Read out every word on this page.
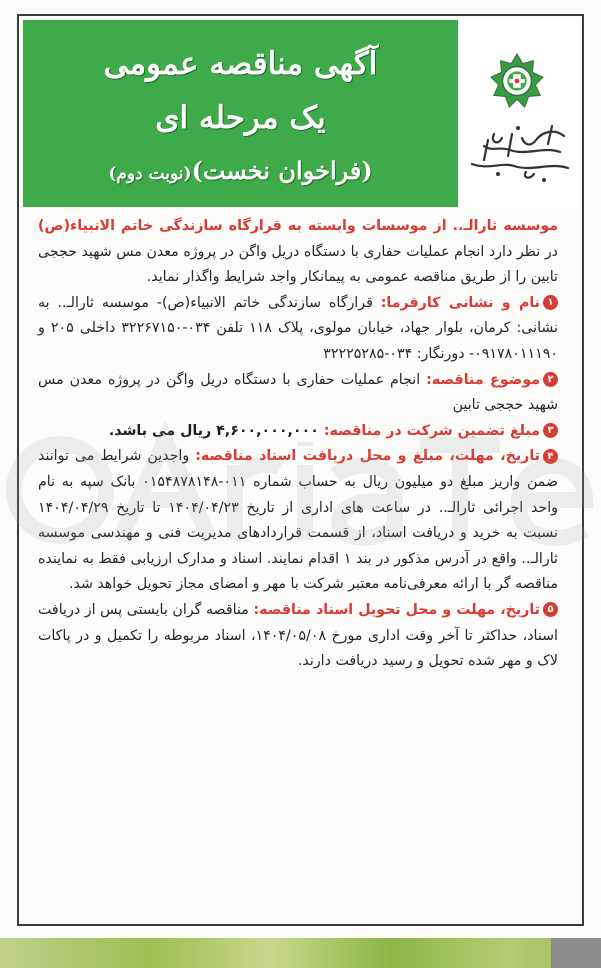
آگهی مناقصه عمومی
یک مرحله ای
(فراخوان نخست)(نوبت دوم)

موسسه ثارالـ.. از موسسات وابسته به قرارگاه سازندگی خاتم الانبیاء(ص) در نظر دارد انجام عملیات حفاری با دستگاه دریل واگن در پروژه معدن مس شهید حججی تابین را از طریق مناقصه عمومی به پیمانکار واجد شرایط واگذار نماید.

۱نام و نشانی کارفرما: قرارگاه سازندگی خاتم الانبیاء(ص)- موسسه ثارالـ.. به نشانی: کرمان، بلوار جهاد، خیابان مولوی، پلاک ۱۱۸ تلفن ۰۳۴-۳۲۲۶۷۱۵۰ داخلی ۲۰۵ و ۰۹۱۷۸۰۱۱۱۹۰- دورنگار: ۰۳۴-۳۲۲۲۵۲۸۵

۲موضوع مناقصه: انجام عملیات حفاری با دستگاه دریل واگن در پروژه معدن مس شهید حججی تابین

۳مبلغ تضمین شرکت در مناقصه: ۴,۶۰۰,۰۰۰,۰۰۰ ریال می باشد.

۴تاریخ، مهلت، مبلغ و محل دریافت اسناد مناقصه: واجدین شرایط می توانند ضمن واریز مبلغ دو میلیون ریال به حساب شماره ۰۱۱-۰۱۵۴۸۷۸۱۴۸ بانک سپه به نام واحد اجرائی ثارالـ.. در ساعت های اداری از تاریخ ۱۴۰۴/۰۴/۲۳ تا تاریخ ۱۴۰۴/۰۴/۲۹ نسبت به خرید و دریافت اسناد، از قسمت قراردادهای مدیریت فنی و مهندسی موسسه ثارالـ.. واقع در آدرس مذکور در بند ۱ اقدام نمایند. اسناد و مدارک ارزیابی فقط به نماینده مناقصه گر با ارائه معرفی‌نامه معتبر شرکت با مهر و امضای مجاز تحویل خواهد شد.

۵تاریخ، مهلت و محل تحویل اسناد مناقصه: مناقصه گران بایستی پس از دریافت اسناد، حداکثر تا آخر وقت اداری مورخ ۱۴۰۴/۰۵/۰۸، اسناد مربوطه را تکمیل و در پاکات لاک و مهر شده تحویل و رسید دریافت دارند.
